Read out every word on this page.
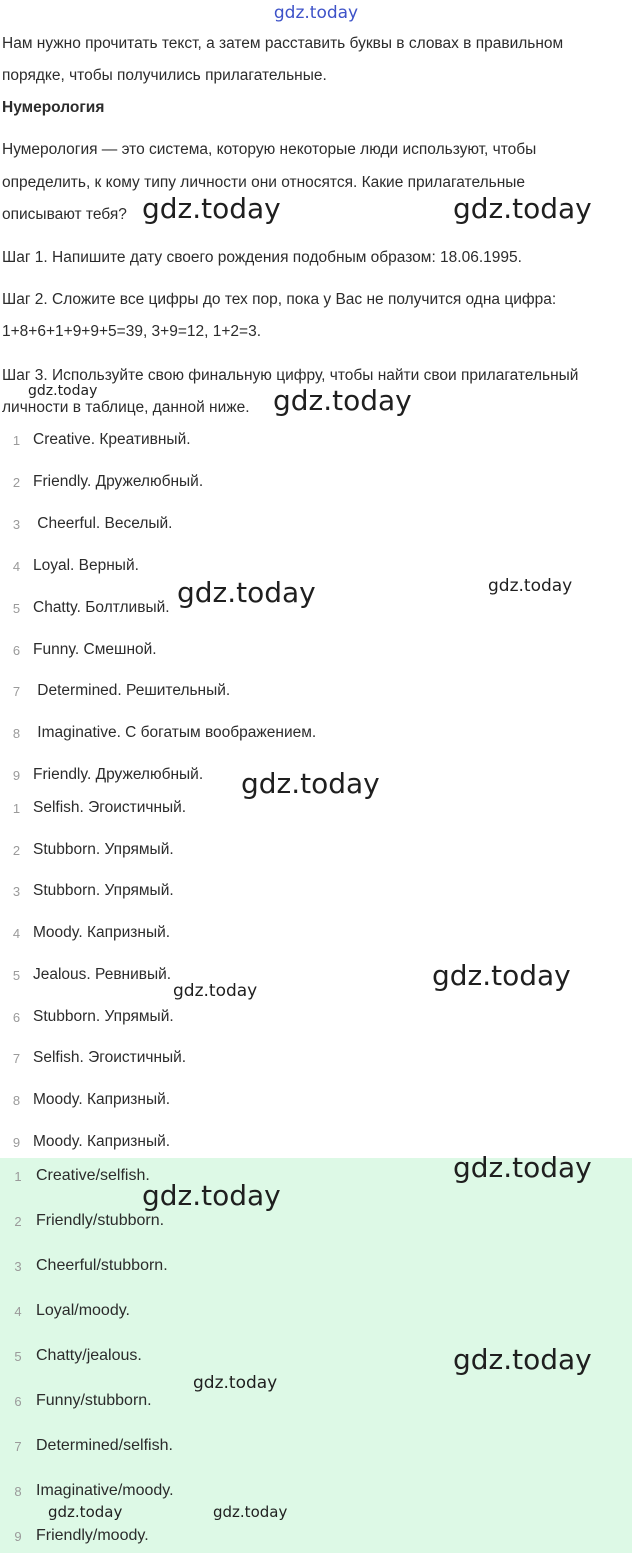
gdz.today

Нам нужно прочитать текст, а затем расставить буквы в словах в правильном

порядке, чтобы получились прилагательные.

Нумерология

Нумерология — это система, которую некоторые люди используют, чтобы

определить, к кому типу личности они относятся. Какие прилагательные

описывают тебя?

Шаг 1. Напишите дату своего рождения подобным образом: 18.06.1995.

Шаг 2. Сложите все цифры до тех пор, пока у Вас не получится одна цифра:

1+8+6+1+9+9+5=39, 3+9=12, 1+2=3.

Шаг 3. Используйте свою финальную цифру, чтобы найти свои прилагательный

личности в таблице, данной ниже.

1 Creative. Креативный.
2 Friendly. Дружелюбный.
3 Cheerful. Веселый.
4 Loyal. Верный.
5 Chatty. Болтливый.
6 Funny. Смешной.
7 Determined. Решительный.
8 Imaginative. С богатым воображением.
9 Friendly. Дружелюбный.
1 Selfish. Эгоистичный.
2 Stubborn. Упрямый.
3 Stubborn. Упрямый.
4 Moody. Капризный.
5 Jealous. Ревнивый.
6 Stubborn. Упрямый.
7 Selfish. Эгоистичный.
8 Moody. Капризный.
9 Moody. Капризный.
1 Creative/selfish.
2 Friendly/stubborn.
3 Cheerful/stubborn.
4 Loyal/moody.
5 Chatty/jealous.
6 Funny/stubborn.
7 Determined/selfish.
8 Imaginative/moody.
9 Friendly/moody.
gdz.today	gdz.today
gdz.today	gdz.today
gdz.today	gdz.today
gdz.today
gdz.today
gdz.today
gdz.today
gdz.today
gdz.today
gdz.today
gdz.today	gdz.today
